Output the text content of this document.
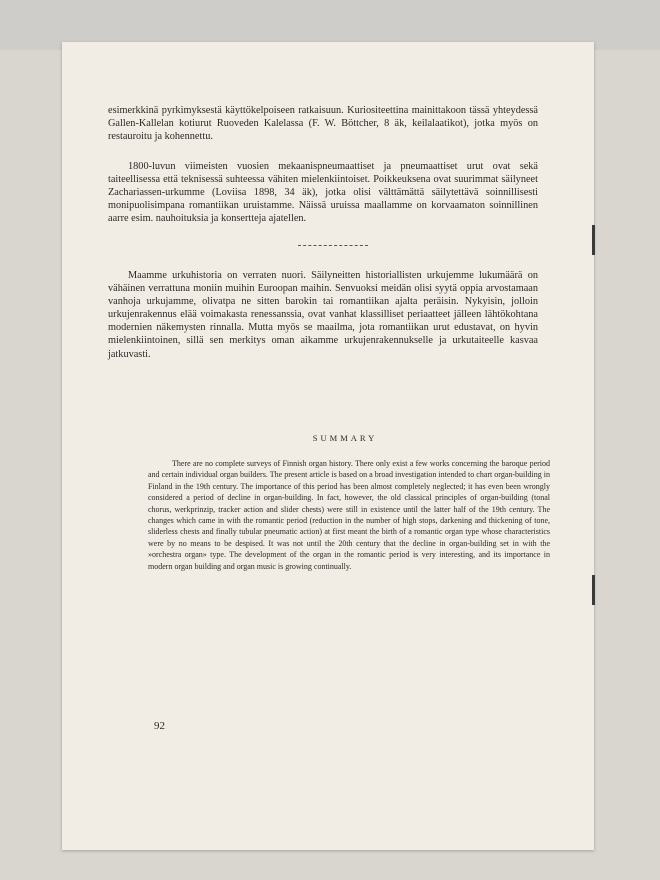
esimerkkinä pyrkimyksestä käyttökelpoiseen ratkaisuun. Kuriositeettina mainittakoon tässä yhteydessä Gallen-Kallelan kotiurut Ruoveden Kalelassa (F. W. Böttcher, 8 äk, keilalaatikot), jotka myös on restauroitu ja kohennettu.

1800-luvun viimeisten vuosien mekaanispneumaattiset ja pneumaattiset urut ovat sekä taiteellisessa että teknisessä suhteessa vähiten mielenkiintoiset. Poikkeuksena ovat suurimmat säilyneet Zachariassen-urkumme (Loviisa 1898, 34 äk), jotka olisi välttämättä säilytettävä soinnillisesti monipuolisimpana romantiikan uruistamme. Näissä uruissa maallamme on korvaamaton soinnillinen aarre esim. nauhoituksia ja konsertteja ajatellen.

Maamme urkuhistoria on verraten nuori. Säilyneitten historiallisten urkujemme lukumäärä on vähäinen verrattuna moniin muihin Euroopan maihin. Senvuoksi meidän olisi syytä oppia arvostamaan vanhoja urkujamme, olivatpa ne sitten barokin tai romantiikan ajalta peräisin. Nykyisin, jolloin urkujenrakennus elää voimakasta renessanssia, ovat vanhat klassilliset periaatteet jälleen lähtökohtana modernien näkemysten rinnalla. Mutta myös se maailma, jota romantiikan urut edustavat, on hyvin mielenkiintoinen, sillä sen merkitys oman aikamme urkujenrakennukselle ja urkutaiteelle kasvaa jatkuvasti.

SUMMARY

There are no complete surveys of Finnish organ history. There only exist a few works concerning the baroque period and certain individual organ builders. The present article is based on a broad investigation intended to chart organ-building in Finland in the 19th century. The importance of this period has been almost completely neglected; it has even been wrongly considered a period of decline in organ-building. In fact, however, the old classical principles of organ-building (tonal chorus, werkprinzip, tracker action and slider chests) were still in existence until the latter half of the 19th century. The changes which came in with the romantic period (reduction in the number of high stops, darkening and thickening of tone, sliderless chests and finally tubular pneumatic action) at first meant the birth of a romantic organ type whose characteristics were by no means to be despised. It was not until the 20th century that the decline in organ-building set in with the »orchestra organ» type. The development of the organ in the romantic period is very interesting, and its importance in modern organ building and organ music is growing continually.

92
